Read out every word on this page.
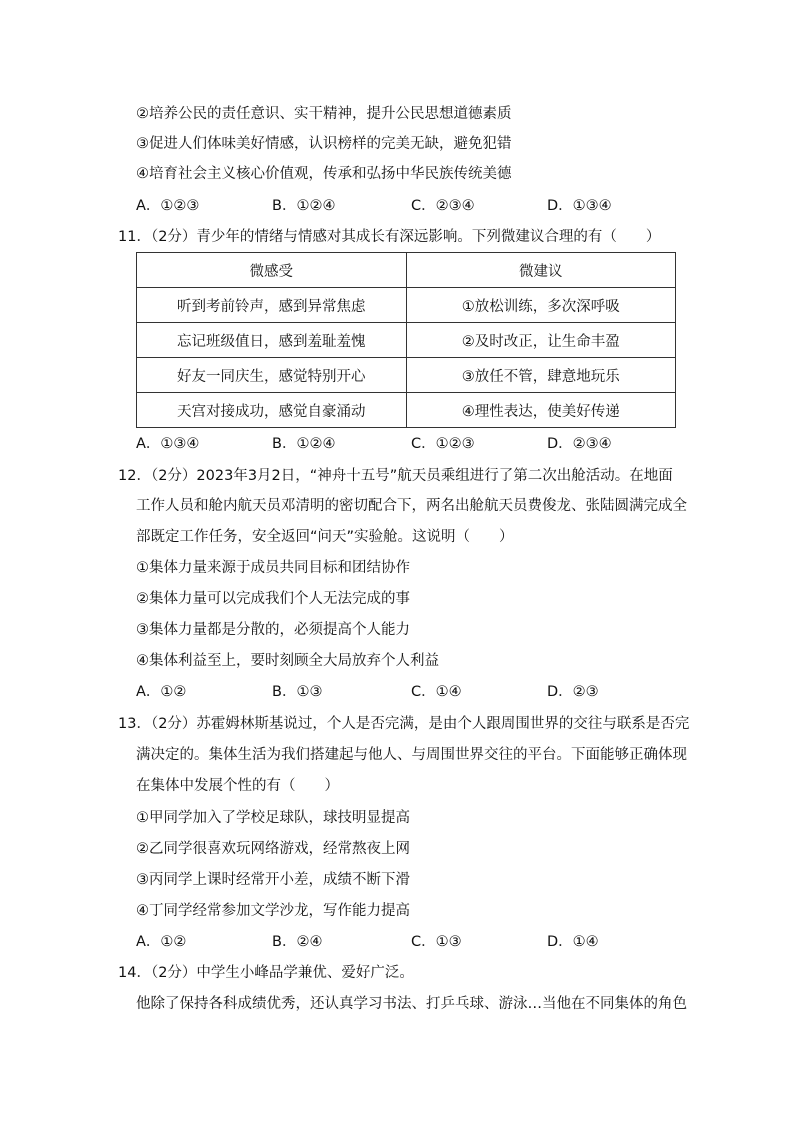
②培养公民的责任意识、实干精神，提升公民思想道德素质
③促进人们体味美好情感，认识榜样的完美无缺，避免犯错
④培育社会主义核心价值观，传承和弘扬中华民族传统美德
A．①②③	B．①②④	C．②③④	D．①③④
11．（2分）青少年的情绪与情感对其成长有深远影响。下列微建议合理的有（　　）
微感受	微建议
听到考前铃声，感到异常焦虑	①放松训练，多次深呼吸
忘记班级值日，感到羞耻羞愧	②及时改正，让生命丰盈
好友一同庆生，感觉特别开心	③放任不管，肆意地玩乐
天宫对接成功，感觉自豪涌动	④理性表达，使美好传递
A．①③④	B．①②④	C．①②③	D．②③④
12．（2分）2023年3月2日，“神舟十五号”航天员乘组进行了第二次出舱活动。在地面
工作人员和舱内航天员邓清明的密切配合下，两名出舱航天员费俊龙、张陆圆满完成全
部既定工作任务，安全返回“问天”实验舱。这说明（　　）
①集体力量来源于成员共同目标和团结协作
②集体力量可以完成我们个人无法完成的事
③集体力量都是分散的，必须提高个人能力
④集体利益至上，要时刻顾全大局放弃个人利益
A．①②	B．①③	C．①④	D．②③
13．（2分）苏霍姆林斯基说过，个人是否完满，是由个人跟周围世界的交往与联系是否完
满决定的。集体生活为我们搭建起与他人、与周围世界交往的平台。下面能够正确体现
在集体中发展个性的有（　　）
①甲同学加入了学校足球队，球技明显提高
②乙同学很喜欢玩网络游戏，经常熬夜上网
③丙同学上课时经常开小差，成绩不断下滑
④丁同学经常参加文学沙龙，写作能力提高
A．①②	B．②④	C．①③	D．①④
14．（2分）中学生小峰品学兼优、爱好广泛。
他除了保持各科成绩优秀，还认真学习书法、打乒乓球、游泳…当他在不同集体的角色
